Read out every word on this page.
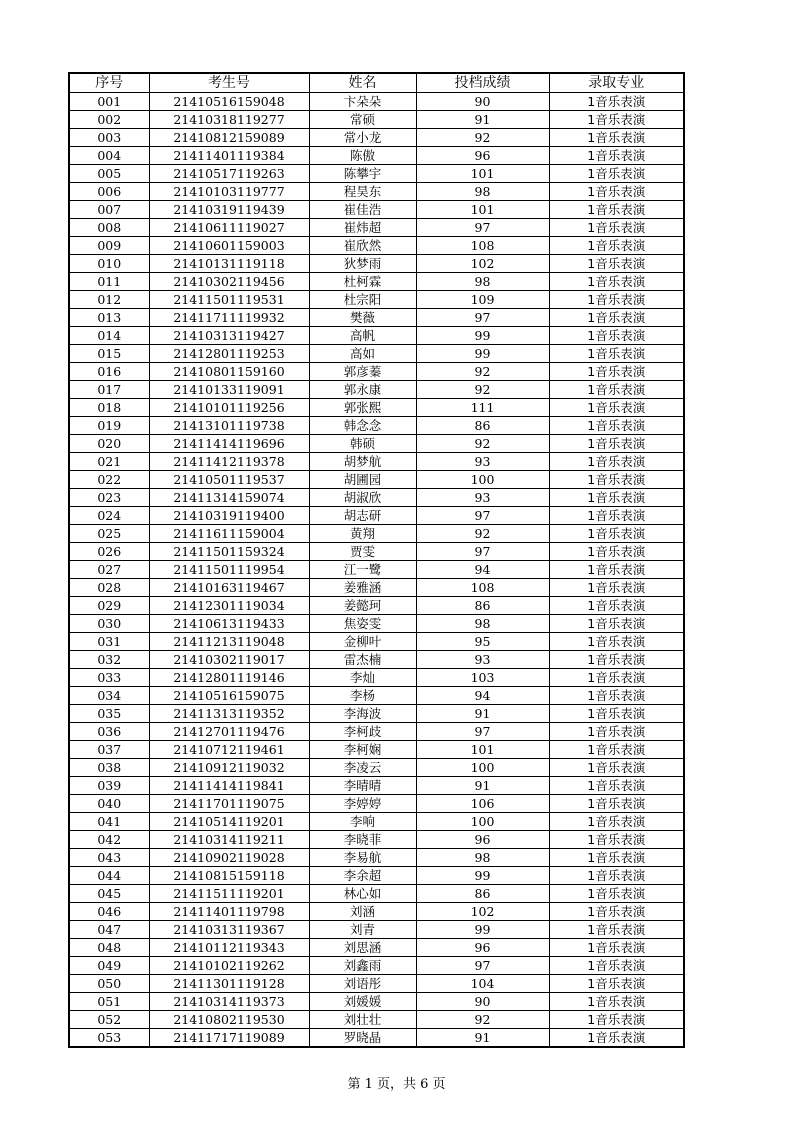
序号	考生号	姓名	投档成绩	录取专业
001	21410516159048	卞朵朵	90	1音乐表演
002	21410318119277	常硕	91	1音乐表演
003	21410812159089	常小龙	92	1音乐表演
004	21411401119384	陈傲	96	1音乐表演
005	21410517119263	陈攀宇	101	1音乐表演
006	21410103119777	程昊东	98	1音乐表演
007	21410319119439	崔佳浩	101	1音乐表演
008	21410611119027	崔炜超	97	1音乐表演
009	21410601159003	崔欣然	108	1音乐表演
010	21410131119118	狄梦雨	102	1音乐表演
011	21410302119456	杜柯霖	98	1音乐表演
012	21411501119531	杜宗阳	109	1音乐表演
013	21411711119932	樊薇	97	1音乐表演
014	21410313119427	高帆	99	1音乐表演
015	21412801119253	高如	99	1音乐表演
016	21410801159160	郭彦蓁	92	1音乐表演
017	21410133119091	郭永康	92	1音乐表演
018	21410101119256	郭张熙	111	1音乐表演
019	21413101119738	韩念念	86	1音乐表演
020	21411414119696	韩硕	92	1音乐表演
021	21411412119378	胡梦航	93	1音乐表演
022	21410501119537	胡圃园	100	1音乐表演
023	21411314159074	胡淑欣	93	1音乐表演
024	21410319119400	胡志研	97	1音乐表演
025	21411611159004	黄翔	92	1音乐表演
026	21411501159324	贾雯	97	1音乐表演
027	21411501119954	江一鹭	94	1音乐表演
028	21410163119467	姜雅涵	108	1音乐表演
029	21412301119034	姜懿珂	86	1音乐表演
030	21410613119433	焦姿雯	98	1音乐表演
031	21411213119048	金柳叶	95	1音乐表演
032	21410302119017	雷杰楠	93	1音乐表演
033	21412801119146	李灿	103	1音乐表演
034	21410516159075	李杨	94	1音乐表演
035	21411313119352	李海波	91	1音乐表演
036	21412701119476	李柯歧	97	1音乐表演
037	21410712119461	李柯娴	101	1音乐表演
038	21410912119032	李凌云	100	1音乐表演
039	21411414119841	李晴晴	91	1音乐表演
040	21411701119075	李婷婷	106	1音乐表演
041	21410514119201	李响	100	1音乐表演
042	21410314119211	李晓菲	96	1音乐表演
043	21410902119028	李易航	98	1音乐表演
044	21410815159118	李余超	99	1音乐表演
045	21411511119201	林心如	86	1音乐表演
046	21411401119798	刘涵	102	1音乐表演
047	21410313119367	刘青	99	1音乐表演
048	21410112119343	刘思涵	96	1音乐表演
049	21410102119262	刘鑫雨	97	1音乐表演
050	21411301119128	刘语彤	104	1音乐表演
051	21410314119373	刘媛媛	90	1音乐表演
052	21410802119530	刘壮壮	92	1音乐表演
053	21411717119089	罗晓晶	91	1音乐表演
第 1 页，共 6 页
